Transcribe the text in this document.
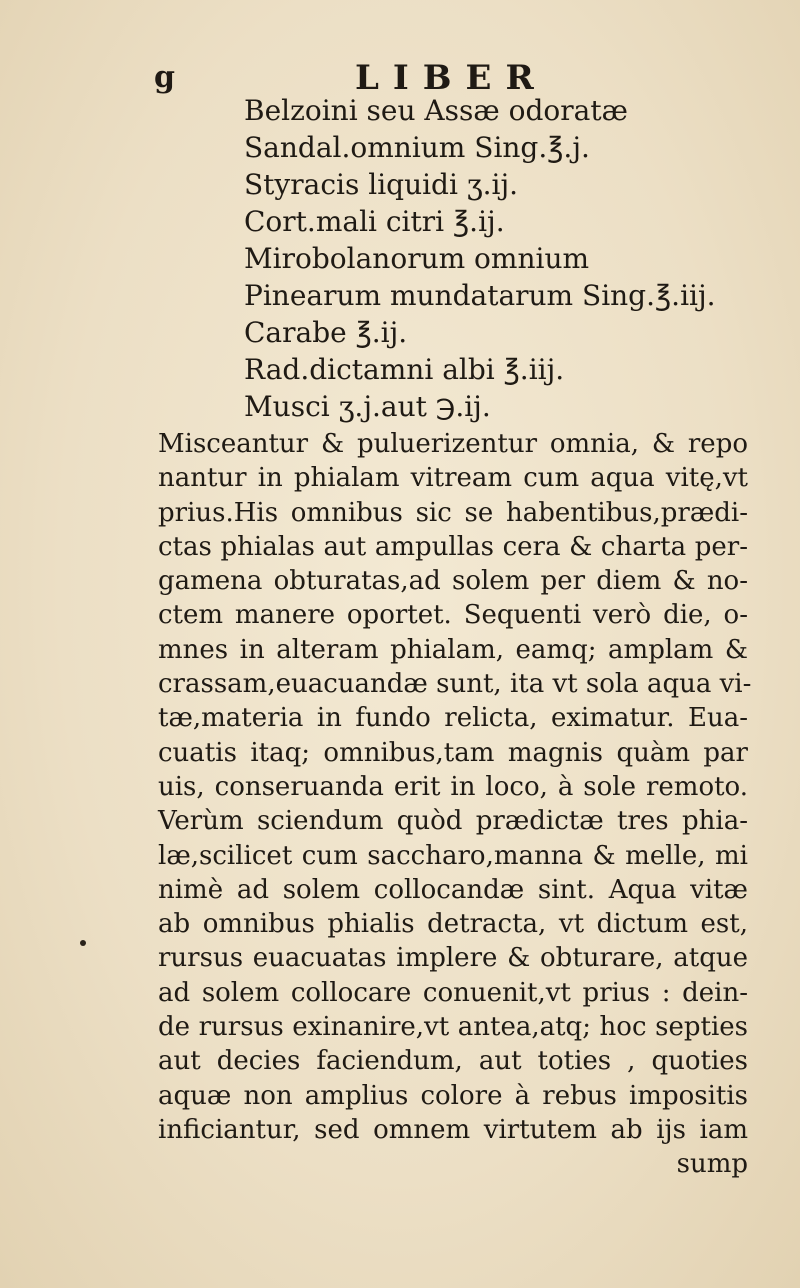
g	LIBER
Belzoini seu Assæ odoratæ
Sandal.omnium Sing.℥.j.
Styracis liquidi ʒ.ij.
Cort.mali citri ℥.ij.
Mirobolanorum omnium
Pinearum mundatarum Sing.℥.iij.
Carabe ℥.ij.
Rad.dictamni albi ℥.iij.
Musci ʒ.j.aut ℈.ij.
Misceantur & puluerizentur omnia, & repo
nantur in phialam vitream cum aqua vitę,vt
prius.His omnibus sic se habentibus,prædi-
ctas phialas aut ampullas cera & charta per-
gamena obturatas,ad solem per diem & no-
ctem manere oportet. Sequenti verò die, o-
mnes in alteram phialam, eamq; amplam &
crassam,euacuandæ sunt, ita vt sola aqua vi-
tæ,materia in fundo relicta, eximatur. Eua-
cuatis itaq; omnibus,tam magnis quàm par
uis, conseruanda erit in loco, à sole remoto.
Verùm sciendum quòd prædictæ tres phia-
læ,scilicet cum saccharo,manna & melle, mi
nimè ad solem collocandæ sint. Aqua vitæ
ab omnibus phialis detracta, vt dictum est,
rursus euacuatas implere & obturare, atque
ad solem collocare conuenit,vt prius : dein-
de rursus exinanire,vt antea,atq; hoc septies
aut decies faciendum, aut toties , quoties
aquæ non amplius colore à rebus impositis
inficiantur, sed omnem virtutem ab ijs iam
sump
